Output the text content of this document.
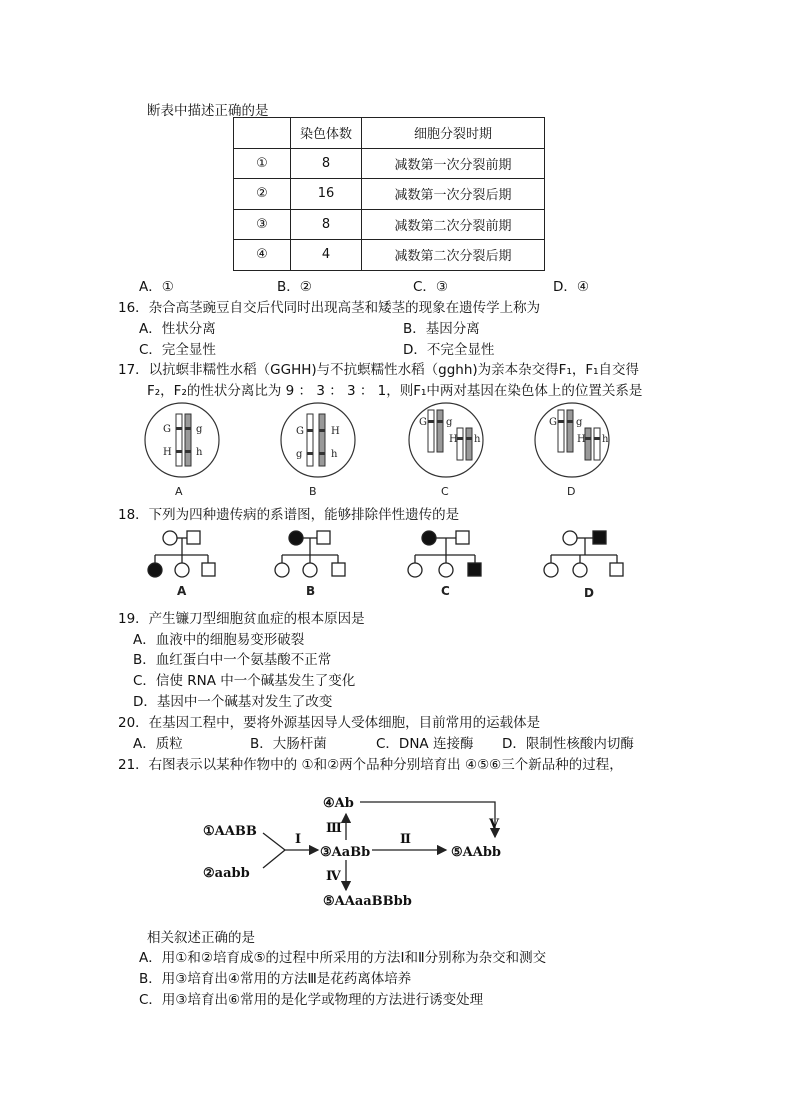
断表中描述正确的是
	染色体数	细胞分裂时期
①	8	减数第一次分裂前期
②	16	减数第一次分裂后期
③	8	减数第二次分裂前期
④	4	减数第二次分裂后期
A．①	B．②	C．③	D．④
16．杂合高茎豌豆自交后代同时出现高茎和矮茎的现象在遗传学上称为
A．性状分离	B．基因分离
C．完全显性	D．不完全显性
17．以抗螟非糯性水稻（GGHH)与不抗螟糯性水稻（gghh)为亲本杂交得F₁，F₁自交得
F₂，F₂的性状分离比为 9 ： 3 ： 3 ： 1，则F₁中两对基因在染色体上的位置关系是
G	g
H h
G	H
g	h
G g
H h
G g
H h
A	B	C	D
18．下列为四种遗传病的系谱图，能够排除伴性遗传的是
A	B	C	D
19．产生镰刀型细胞贫血症的根本原因是
A．血液中的细胞易变形破裂
B．血红蛋白中一个氨基酸不正常
C．信使 RNA 中一个碱基发生了变化
D．基因中一个碱基对发生了改变
20．在基因工程中，要将外源基因导人受体细胞，目前常用的运载体是
A．质粒	B．大肠杆菌	C．DNA 连接酶 D．限制性核酸内切酶
21．右图表示以某种作物中的 ①和②两个品种分别培育出 ④⑤⑥三个新品种的过程，
④Ab
①AABB
②aabb
③AaBb	⑤AAbb
⑤AAaaBBbb
Ⅰ	Ⅱ
Ⅲ
Ⅳ
Ⅴ
相关叙述正确的是
A．用①和②培育成⑤的过程中所采用的方法Ⅰ和Ⅱ分别称为杂交和测交
B．用③培育出④常用的方法Ⅲ是花药离体培养
C．用③培育出⑥常用的是化学或物理的方法进行诱变处理
